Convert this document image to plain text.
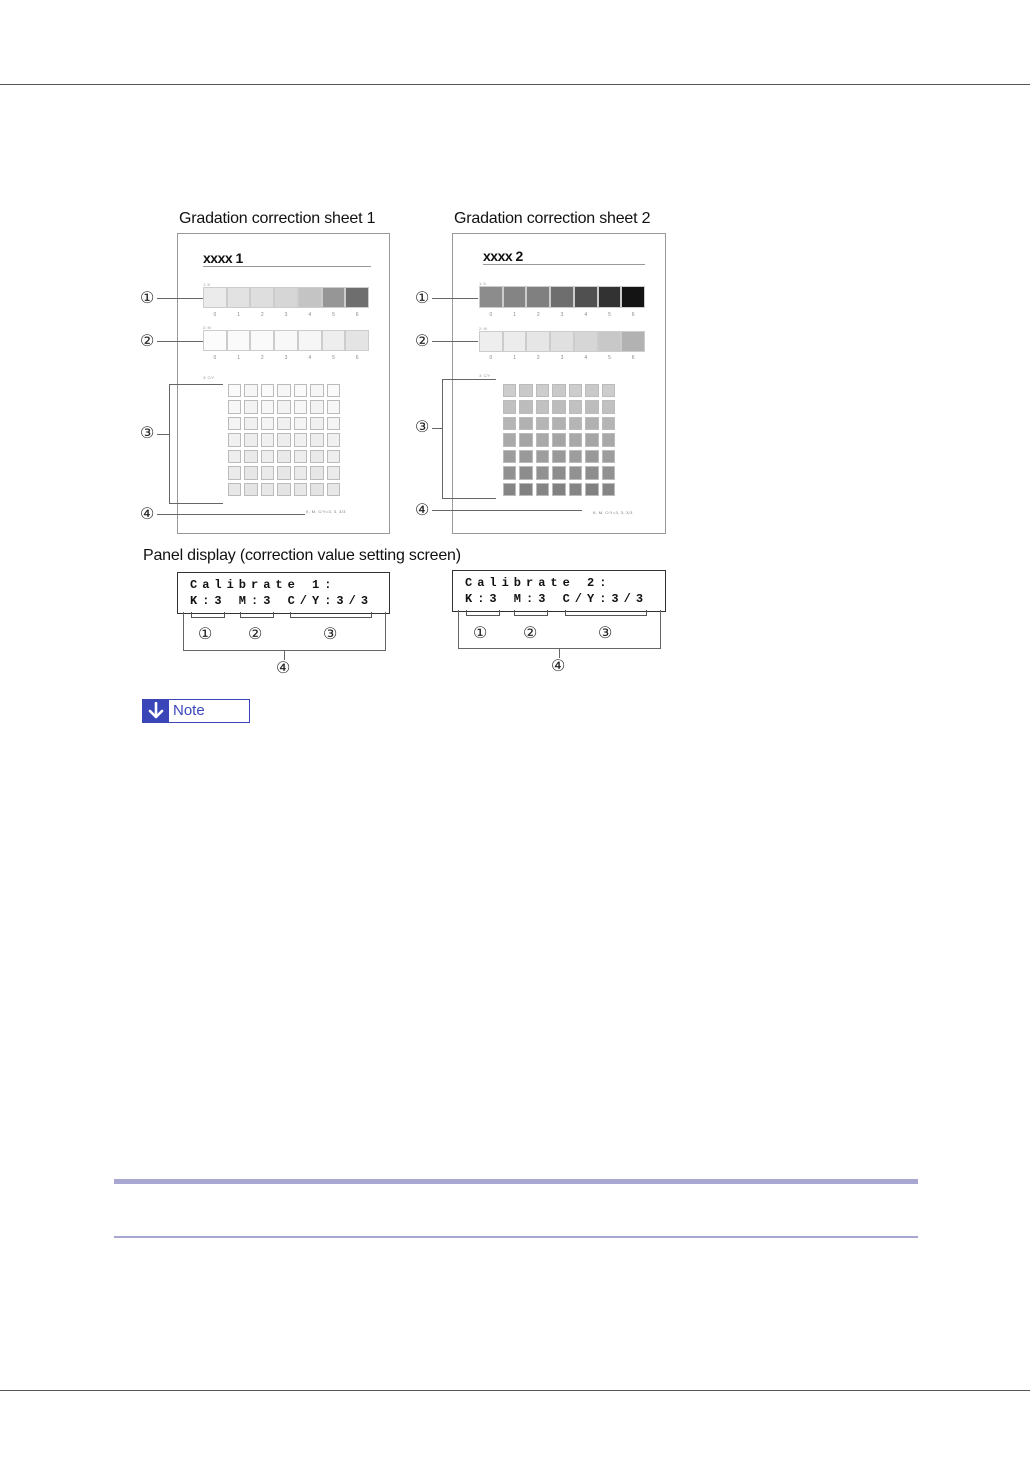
Gradation correction sheet 1
xxxx 1
1: K
0	1	2	3	4	5	6
2: M
0	1	2	3	4	5	6
3: C/Y
K, M, C/Y=3, 3, 3/3
①
②
③
④
Gradation correction sheet 2
xxxx 2
1: K
0	1	2	3	4	5	6
2: M
0	1	2	3	4	5	6
3: C/Y
K, M, C/Y=3, 3, 3/3
①
②
③
④
Panel display (correction value setting screen)
Calibrate 1:
K:3 M:3 C/Y:3/3
① ②	③
④
Calibrate 2:
K:3 M:3 C/Y:3/3
① ②	③
④
Note
